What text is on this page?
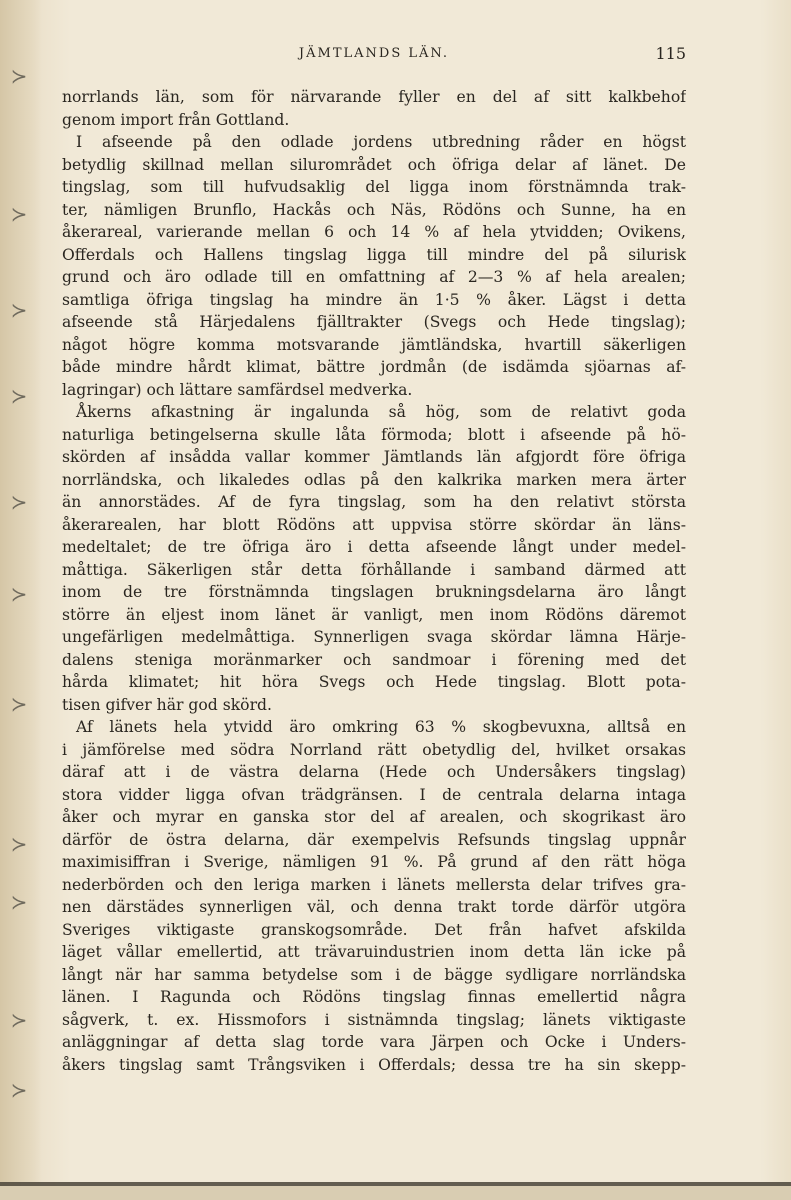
≻
≻
≻
≻
≻
≻
≻
≻
≻
≻
≻
JÄMTLANDS LÄN.	115
norrlands län, som för närvarande fyller en del af sitt kalkbehof
genom import från Gottland.
I afseende på den odlade jordens utbredning råder en högst
betydlig skillnad mellan silurområdet och öfriga delar af länet. De
tingslag, som till hufvudsaklig del ligga inom förstnämnda trak-
ter, nämligen Brunflo, Hackås och Näs, Rödöns och Sunne, ha en
åkerareal, varierande mellan 6 och 14 % af hela ytvidden; Ovikens,
Offerdals och Hallens tingslag ligga till mindre del på silurisk
grund och äro odlade till en omfattning af 2—3 % af hela arealen;
samtliga öfriga tingslag ha mindre än 1·5 % åker. Lägst i detta
afseende stå Härjedalens fjälltrakter (Svegs och Hede tingslag);
något högre komma motsvarande jämtländska, hvartill säkerligen
både mindre hårdt klimat, bättre jordmån (de isdämda sjöarnas af-
lagringar) och lättare samfärdsel medverka.
Åkerns afkastning är ingalunda så hög, som de relativt goda
naturliga betingelserna skulle låta förmoda; blott i afseende på hö-
skörden af insådda vallar kommer Jämtlands län afgjordt före öfriga
norrländska, och likaledes odlas på den kalkrika marken mera ärter
än annorstädes. Af de fyra tingslag, som ha den relativt största
åkerarealen, har blott Rödöns att uppvisa större skördar än läns-
medeltalet; de tre öfriga äro i detta afseende långt under medel-
måttiga. Säkerligen står detta förhållande i samband därmed att
inom de tre förstnämnda tingslagen brukningsdelarna äro långt
större än eljest inom länet är vanligt, men inom Rödöns däremot
ungefärligen medelmåttiga. Synnerligen svaga skördar lämna Härje-
dalens steniga moränmarker och sandmoar i förening med det
hårda klimatet; hit höra Svegs och Hede tingslag. Blott pota-
tisen gifver här god skörd.
Af länets hela ytvidd äro omkring 63 % skogbevuxna, alltså en
i jämförelse med södra Norrland rätt obetydlig del, hvilket orsakas
däraf att i de västra delarna (Hede och Undersåkers tingslag)
stora vidder ligga ofvan trädgränsen. I de centrala delarna intaga
åker och myrar en ganska stor del af arealen, och skogrikast äro
därför de östra delarna, där exempelvis Refsunds tingslag uppnår
maximisiffran i Sverige, nämligen 91 %. På grund af den rätt höga
nederbörden och den leriga marken i länets mellersta delar trifves gra-
nen därstädes synnerligen väl, och denna trakt torde därför utgöra
Sveriges viktigaste granskogsområde. Det från hafvet afskilda
läget vållar emellertid, att trävaruindustrien inom detta län icke på
långt när har samma betydelse som i de bägge sydligare norrländska
länen. I Ragunda och Rödöns tingslag finnas emellertid några
sågverk, t. ex. Hissmofors i sistnämnda tingslag; länets viktigaste
anläggningar af detta slag torde vara Järpen och Ocke i Unders-
åkers tingslag samt Trångsviken i Offerdals; dessa tre ha sin skepp-
